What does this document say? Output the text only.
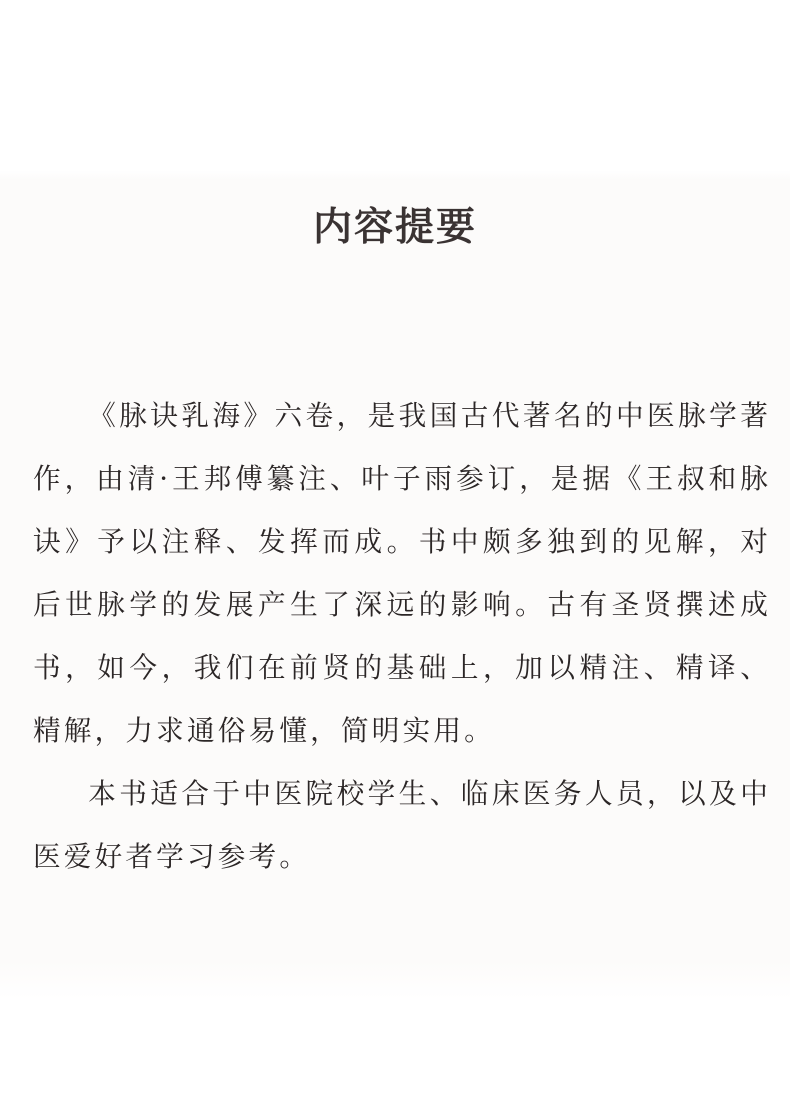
内容提要

《脉诀乳海》六卷，是我国古代著名的中医脉学著作，由清·王邦傅纂注、叶子雨参订，是据《王叔和脉诀》予以注释、发挥而成。书中颇多独到的见解，对后世脉学的发展产生了深远的影响。古有圣贤撰述成书，如今，我们在前贤的基础上，加以精注、精译、精解，力求通俗易懂，简明实用。

本书适合于中医院校学生、临床医务人员，以及中医爱好者学习参考。
